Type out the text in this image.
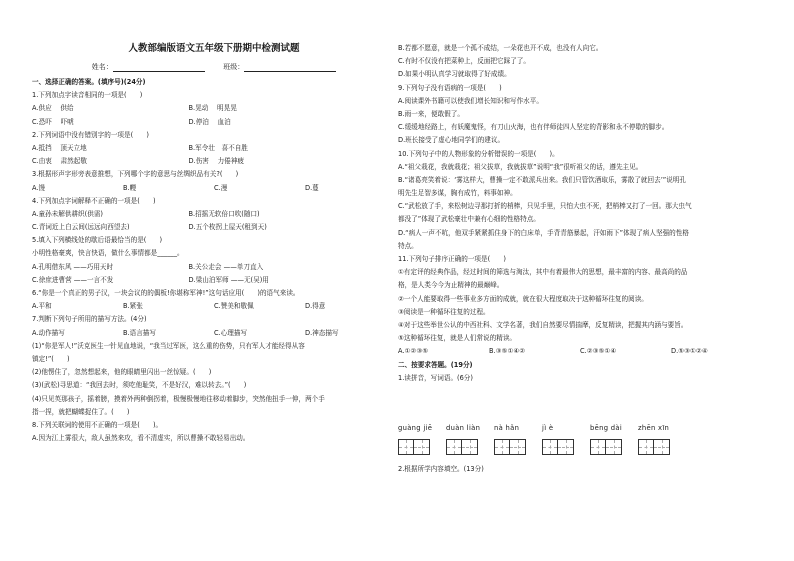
人教部编版语文五年级下册期中检测试题
姓名：	班级：
一、选择正确的答案。(填序号)(24分)
1.下列加点字读音相同的一项是(　　)
A.供应　 供给	B.晃动　 明晃晃
C.恐吓　 吓唬	D.停泊　 血泊
2.下列词语中没有错别字的一项是(　　)
A.抵挡　 顶天立地	B.军令壮　喜不自胜
C.由衷　 肃然起敬	D.伤害　 力倦神疲
3.根据形声字形旁表意推想，下列哪个字的意思与丝绸织品有关?(　　)
A.馒	B.幔	C.漫	D.蔓
4.下列加点字词解释不正确的一项是(　　)
A.童孙未解供耕织(供需)	B.招摇无软倍口吹(随口)
C.青词近上白云间(远远向西望去)	D.五个枚拐上屋天(租到天)
5.填入下列横线处的歇后语最恰当的是(　　)
小明性格豪爽，快言快语，做什么事情都是______。
A.孔明借东风 ——巧用天时	B.关公走会 ——单刀直入
C.徐庶进曹营 ——一言不发	D.梁山泊军师 ——无(吴)用
6.“你是一个真正的男子汉，一块会议的的偶板!你堪称军神!”这句话应用(　　)的语气来读。
A.平和	B.紧张	C.赞美和敬佩	D.得意
7.判断下列句子所用的描写方法。(4分)
A.动作描写	B.语言描写	C.心理描写	D.神态描写
(1)“你是军人!”沃克医生一针见血地说，“我当过军医，这么重的伤势，只有军人才能经得从容
镇定!”(　　)
(2)他愣住了，忽然想起来，他的眼睛里闪出一丝惊疑。(　　)
(3)(武松)寻思道：“我回去时，须吃他耻笑，不是好汉，难以转去。”(　　)
(4)只见英那孩子，摇着膀，摸着外两种倒拐着，极慢极慢地往移动着脚步，突然他扭手一伸，两个手
指一捏，就把蝴蝶捉住了。(　　)
8.下列关联词的使用不正确的一项是(　　)。
A.因为江上雾很大，敌人虽然来攻，看不清虚实，所以曹操不敢轻易出动。
B.若都不愿意，就是一个孤不成结，一朵花也开不成，也没有人向它。
C.有时不仅没有把菜种上，反面把它踩了了。
D.如果小明认真学习就取得了好成绩。
9.下列句子没有语病的一项是(　　)
A.阅读课外书籍可以使我们增长知识和写作水平。
B.雨一来，便敢假了。
C.缓缓地经路上，有妖魔鬼怪，有刀山火海，也有伴师徒四人坚定的背影和永不停歇的脚步。
D.班长接受了虚心地同学们的建议。
10.下列句子中的人物形象的分析错误的一项是(　　)。
A.“祖父栽花，我就栽花；祖父拔草，我就拔草”说明“我”很听祖父的话，遵先主见。
B.“诸葛亮笑着说：‘雾这样大，曹操一定不敢派兵出来。我们只管饮酒取乐，雾散了就回去’”说明孔
明先生足智多谋，胸有成竹，料事如神。
C.“武松放了手，来松树边寻那打折的梢棒，只见手里，只怕大虫不死，把梢棒又打了一回。那大虫气
都没了”体现了武松豪壮中兼有心细的性格特点。
D.“病人一声不吭，他双手紧紧抓住身下的白床单，手背青筋暴起，汗如雨下”体现了病人坚强的性格
特点。
11.下列句子排序正确的一项是(　　)
①有定评的经典作品，经过时间的筛选与淘汰，其中有着最伟大的思想，最丰富的内容、最高尚的品
格，是人类今今为止精神的最巅峰。
②一个人能要取得一些事业多方面的成就，就在很大程度取决于这种循环往复的阅读。
③阅读是一种循环往复的过程。
④对于这些举世公认的中西社科、文学名著，我们自然要尽情揣摩，反复精读，把握其内涵与要旨。
⑤这种循环往复，就是人们常说的精读。
A.①②③⑤	B.③⑤①④②	C.②③⑤①④	D.⑤③①②④
二、按要求答题。(19分)
1.读拼音，写词语。(6分)
guàng jiē	duàn liàn	nà hǎn	jì è	bēng dài	zhēn xīn
2.根据所学内容填空。(13分)
